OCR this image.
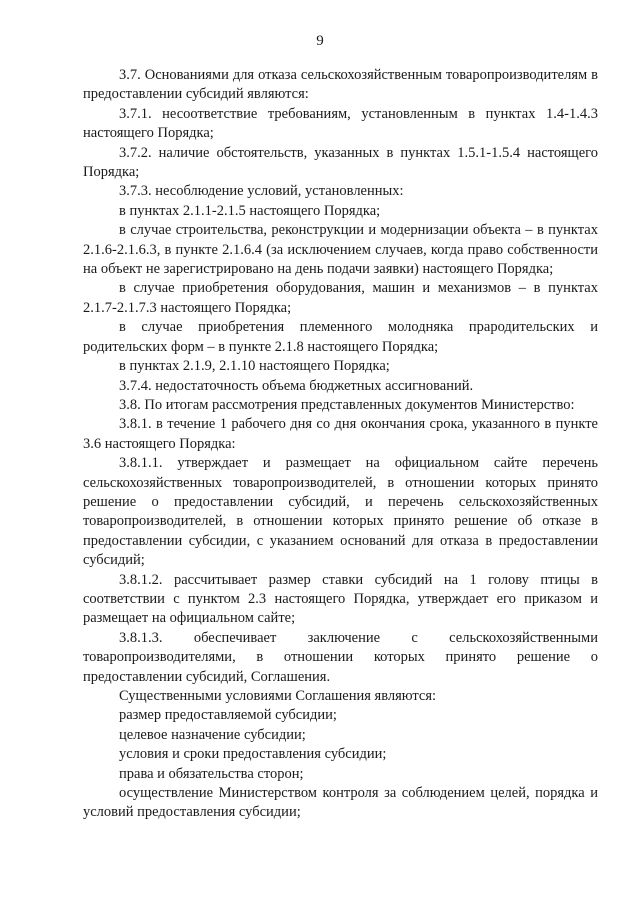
9

3.7. Основаниями для отказа сельскохозяйственным товаропроизводителям в предоставлении субсидий являются:

3.7.1. несоответствие требованиям, установленным в пунктах 1.4-1.4.3 настоящего Порядка;

3.7.2. наличие обстоятельств, указанных в пунктах 1.5.1-1.5.4 настоящего Порядка;

3.7.3. несоблюдение условий, установленных:

в пунктах 2.1.1-2.1.5 настоящего Порядка;

в случае строительства, реконструкции и модернизации объекта – в пунктах 2.1.6-2.1.6.3, в пункте 2.1.6.4 (за исключением случаев, когда право собственности на объект не зарегистрировано на день подачи заявки) настоящего Порядка;

в случае приобретения оборудования, машин и механизмов – в пунктах 2.1.7-2.1.7.3 настоящего Порядка;

в случае приобретения племенного молодняка прародительских и родительских форм – в пункте 2.1.8 настоящего Порядка;

в пунктах 2.1.9, 2.1.10 настоящего Порядка;

3.7.4. недостаточность объема бюджетных ассигнований.

3.8. По итогам рассмотрения представленных документов Министерство:

3.8.1. в течение 1 рабочего дня со дня окончания срока, указанного в пункте 3.6 настоящего Порядка:

3.8.1.1. утверждает и размещает на официальном сайте перечень сельскохозяйственных товаропроизводителей, в отношении которых принято решение о предоставлении субсидий, и перечень сельскохозяйственных товаропроизводителей, в отношении которых принято решение об отказе в предоставлении субсидии, с указанием оснований для отказа в предоставлении субсидий;

3.8.1.2. рассчитывает размер ставки субсидий на 1 голову птицы в соответствии с пунктом 2.3 настоящего Порядка, утверждает его приказом и размещает на официальном сайте;

3.8.1.3. обеспечивает заключение с сельскохозяйственными товаропроизводителями, в отношении которых принято решение о предоставлении субсидий, Соглашения.

Существенными условиями Соглашения являются:

размер предоставляемой субсидии;

целевое назначение субсидии;

условия и сроки предоставления субсидии;

права и обязательства сторон;

осуществление Министерством контроля за соблюдением целей, порядка и условий предоставления субсидии;
